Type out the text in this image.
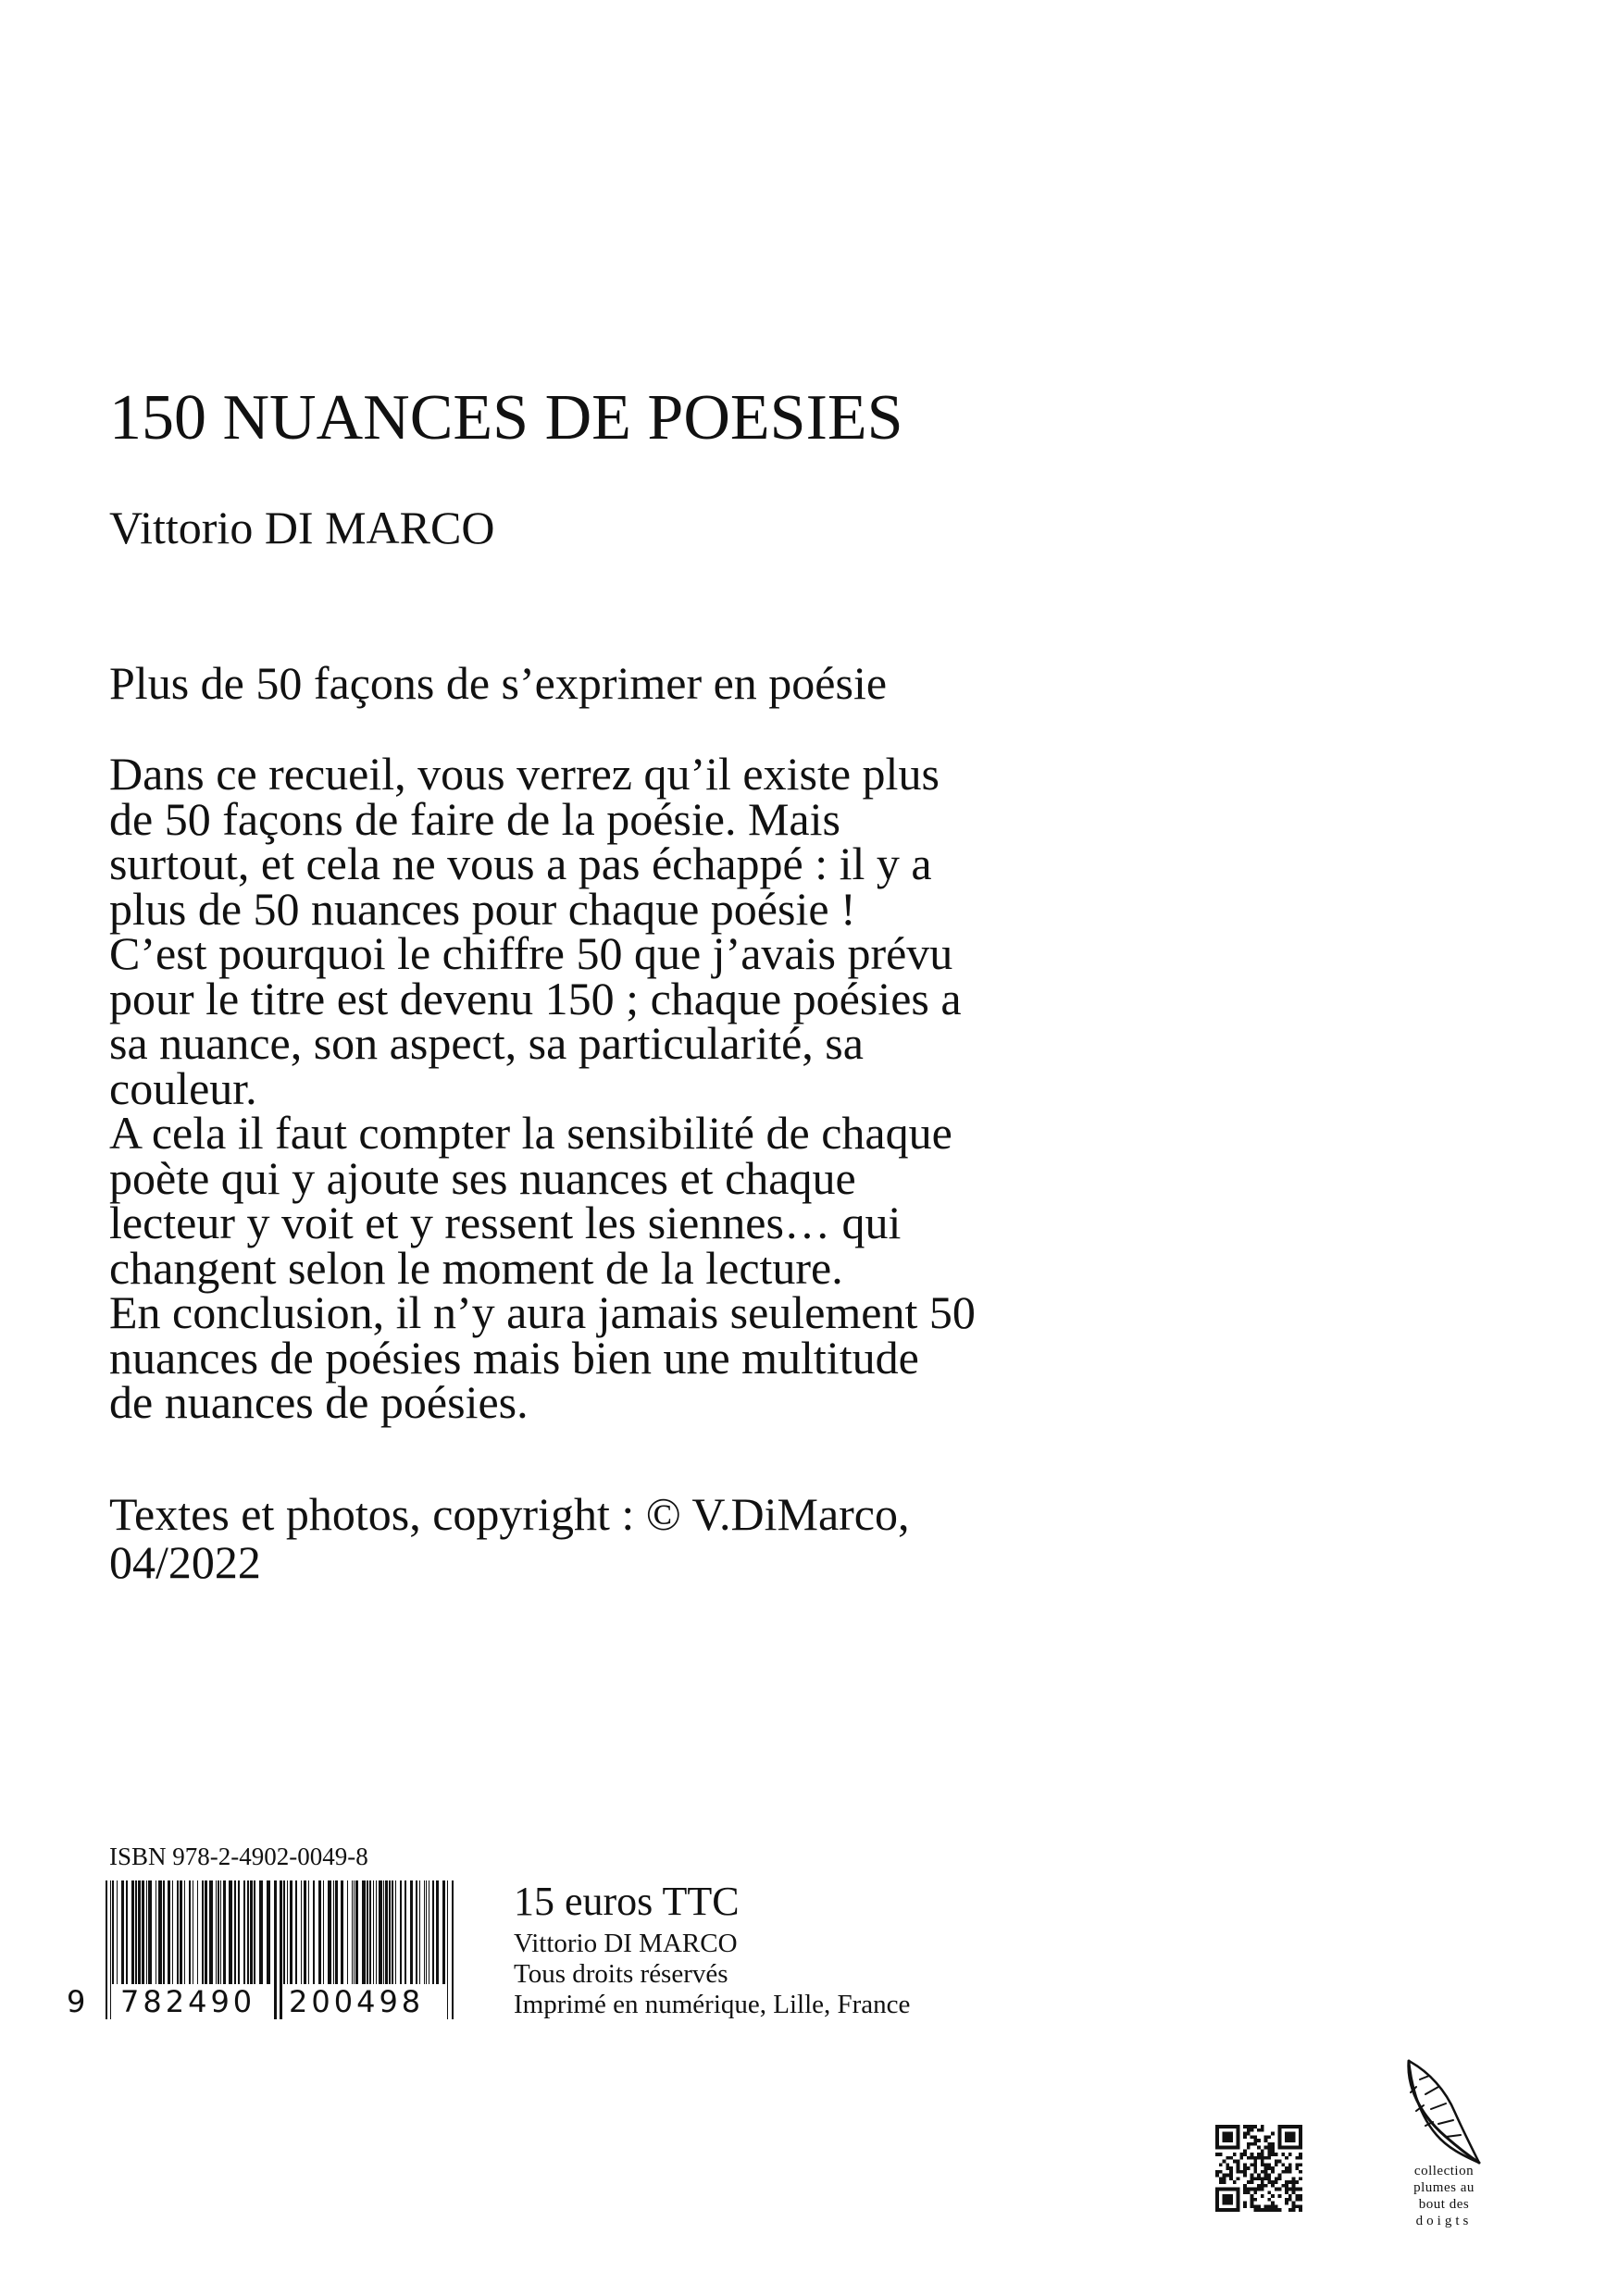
150 NUANCES DE POESIES
Vittorio DI MARCO
Plus de 50 façons de s’exprimer en poésie
Dans ce recueil, vous verrez qu’il existe plus
de 50 façons de faire de la poésie. Mais
surtout, et cela ne vous a pas échappé : il y a
plus de 50 nuances pour chaque poésie !
C’est pourquoi le chiffre 50 que j’avais prévu
pour le titre est devenu 150 ; chaque poésies a
sa nuance, son aspect, sa particularité, sa
couleur.
A cela il faut compter la sensibilité de chaque
poète qui y ajoute ses nuances et chaque
lecteur y voit et y ressent les siennes… qui
changent selon le moment de la lecture.
En conclusion, il n’y aura jamais seulement 50
nuances de poésies mais bien une multitude
de nuances de poésies.
Textes et photos, copyright : © V.DiMarco,
04/2022
ISBN 978-2-4902-0049-8
9 782490 200498
15 euros TTC
Vittorio DI MARCO
Tous droits réservés
Imprimé en numérique, Lille, France
collection
plumes au
bout des
doigts
